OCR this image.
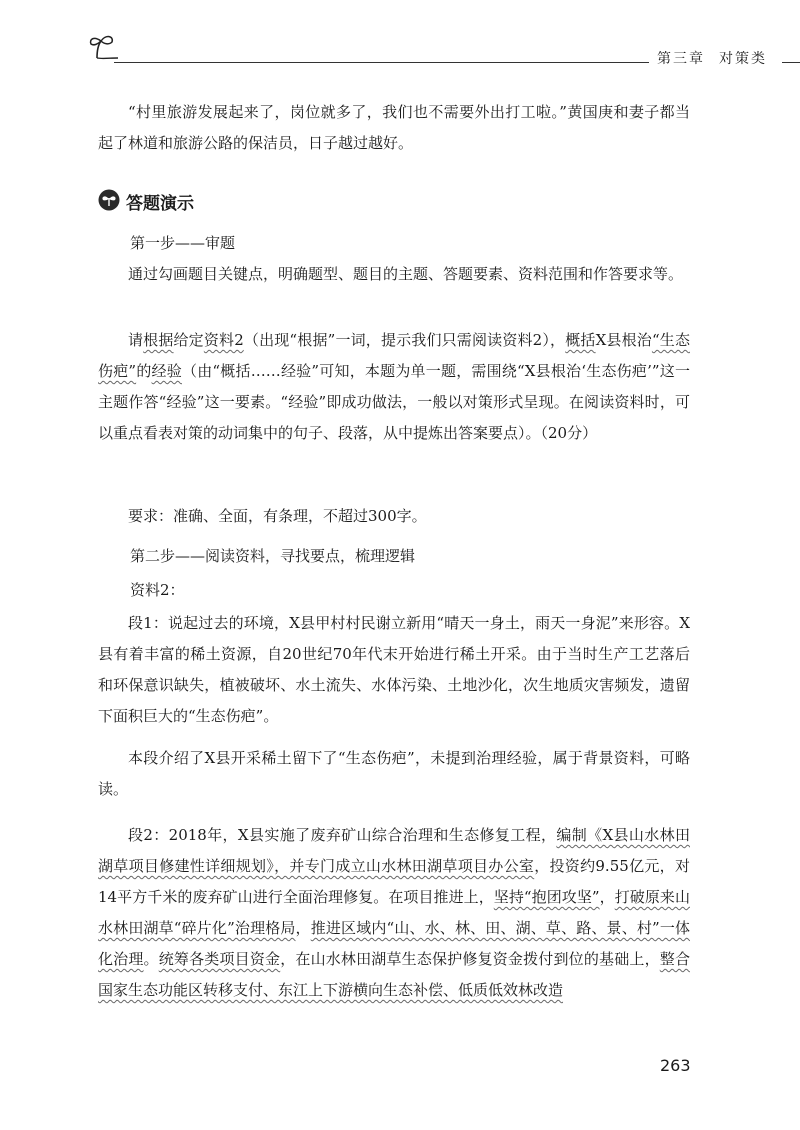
第三章 对策类
“村里旅游发展起来了，岗位就多了，我们也不需要外出打工啦。”黄国庚和妻子都当起了林道和旅游公路的保洁员，日子越过越好。
答题演示
第一步——审题
通过勾画题目关键点，明确题型、题目的主题、答题要素、资料范围和作答要求等。
请根据给定资料2（出现“根据”一词，提示我们只需阅读资料2），概括X县根治“生态伤疤”的经验（由“概括……经验”可知，本题为单一题，需围绕“X县根治‘生态伤疤’”这一主题作答“经验”这一要素。“经验”即成功做法，一般以对策形式呈现。在阅读资料时，可以重点看表对策的动词集中的句子、段落，从中提炼出答案要点）。（20分）
要求：准确、全面，有条理，不超过300字。
第二步——阅读资料，寻找要点，梳理逻辑
资料2：
段1：说起过去的环境，X县甲村村民谢立新用“晴天一身土，雨天一身泥”来形容。X县有着丰富的稀土资源，自20世纪70年代末开始进行稀土开采。由于当时生产工艺落后和环保意识缺失，植被破坏、水土流失、水体污染、土地沙化，次生地质灾害频发，遗留下面积巨大的“生态伤疤”。
本段介绍了X县开采稀土留下了“生态伤疤”，未提到治理经验，属于背景资料，可略读。
段2：2018年，X县实施了废弃矿山综合治理和生态修复工程，编制《X县山水林田湖草项目修建性详细规划》，并专门成立山水林田湖草项目办公室，投资约9.55亿元，对14平方千米的废弃矿山进行全面治理修复。在项目推进上，坚持“抱团攻坚”，打破原来山水林田湖草“碎片化”治理格局，推进区域内“山、水、林、田、湖、草、路、景、村”一体化治理。统筹各类项目资金，在山水林田湖草生态保护修复资金拨付到位的基础上，整合国家生态功能区转移支付、东江上下游横向生态补偿、低质低效林改造
263
